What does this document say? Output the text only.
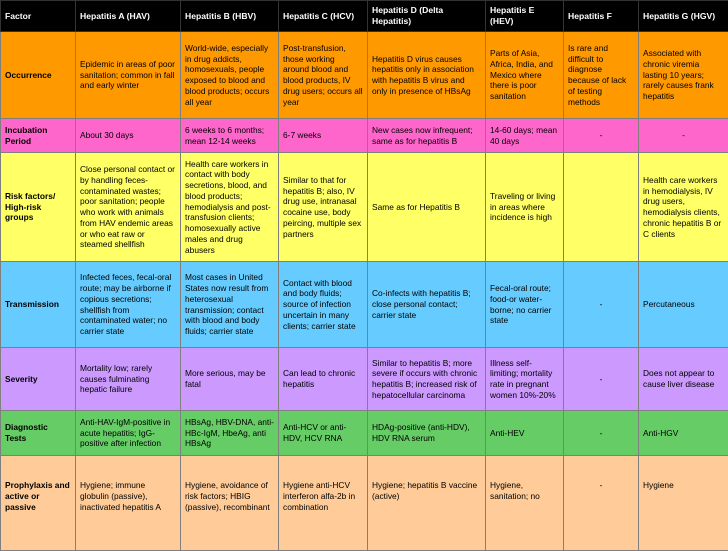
Factor	Hepatitis A (HAV)	Hepatitis B (HBV)	Hepatitis C (HCV)	Hepatitis D (Delta Hepatitis)	Hepatitis E (HEV)	Hepatitis F	Hepatitis G (HGV)
Occurrence	Epidemic in areas of poor sanitation; common in fall and early winter	World-wide, especially in drug addicts, homosexuals, people exposed to blood and blood products; occurs all year	Post-transfusion, those working around blood and blood products, IV drug users; occurs all year	Hepatitis D virus causes hepatitis only in association with hepatitis B virus and only in presence of HBsAg	Parts of Asia, Africa, India, and Mexico where there is poor sanitation	Is rare and difficult to diagnose because of lack of testing methods	Associated with chronic viremia lasting 10 years; rarely causes frank hepatitis
Incubation Period	About 30 days	6 weeks to 6 months; mean 12-14 weeks	6-7 weeks	New cases now infrequent; same as for hepatitis B	14-60 days; mean 40 days	-	-
Risk factors/ High-risk groups	Close personal contact or by handling feces-contaminated wastes; poor sanitation; people who work with animals from HAV endemic areas or who eat raw or steamed shellfish	Health care workers in contact with body secretions, blood, and blood products; hemodialysis and post-transfusion clients; homosexually active males and drug abusers	Similar to that for hepatitis B; also, IV drug use, intranasal cocaine use, body peircing, multiple sex partners	Same as for Hepatitis B	Traveling or living in areas where incidence is high		Health care workers in hemodialysis, IV drug users, hemodialysis clients, chronic hepatitis B or C clients
Transmission	Infected feces, fecal-oral route; may be airborne if copious secretions; shellfish from contaminated water; no carrier state	Most cases in United States now result from heterosexual transmission; contact with blood and body fluids; carrier state	Contact with blood and body fluids; source of infection uncertain in many clients; carrier state	Co-infects with hepatitis B; close personal contact; carrier state	Fecal-oral route; food-or water-borne; no carrier state	-	Percutaneous
Severity	Mortality low; rarely causes fulminating hepatic failure	More serious, may be fatal	Can lead to chronic hepatitis	Similar to hepatitis B; more severe if occurs with chronic hepatitis B; increased risk of hepatocellular carcinoma	Illness self-limiting; mortality rate in pregnant women 10%-20%	-	Does not appear to cause liver disease
Diagnostic Tests	Anti-HAV-IgM-positive in acute hepatitis; IgG-positive after infection	HBsAg, HBV-DNA, anti-HBc-IgM, HbeAg, anti HBsAg	Anti-HCV or anti-HDV, HCV RNA	HDAg-positive (anti-HDV), HDV RNA serum	Anti-HEV	-	Anti-HGV
Prophylaxis and active or passive	Hygiene; immune globulin (passive), inactivated hepatitis A	Hygiene, avoidance of risk factors; HBIG (passive), recombinant	Hygiene anti-HCV interferon alfa-2b in combination	Hygiene; hepatitis B vaccine (active)	Hygiene, sanitation; no	-	Hygiene
